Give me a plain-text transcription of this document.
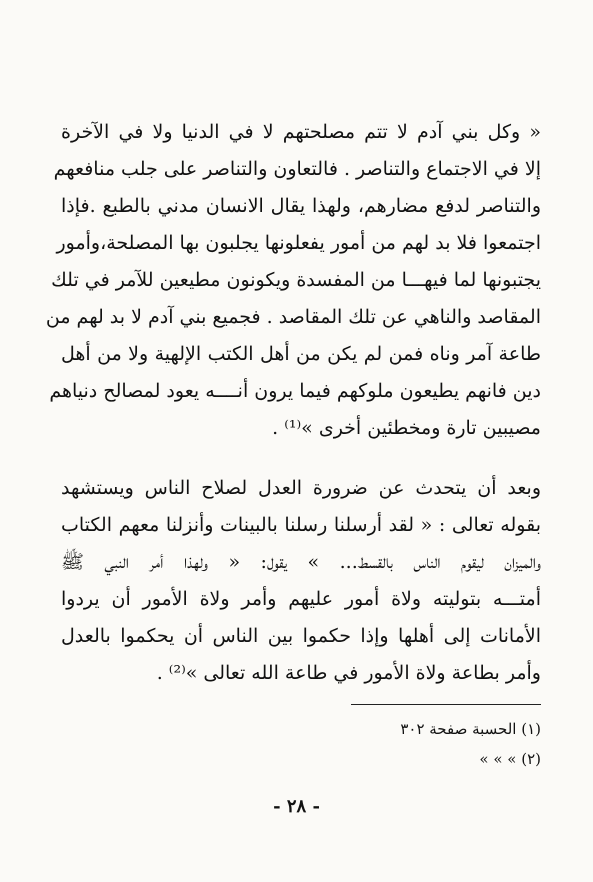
« وكل بني آدم لا تتم مصلحتهم لا في الدنيا ولا في الآخرة
إلا في الاجتماع والتناصر . فالتعاون والتناصر على جلب منافعهم
والتناصر لدفع مضارهم، ولهذا يقال الانسان مدني بالطبع .فإذا
اجتمعوا فلا بد لهم من أمور يفعلونها يجلبون بها المصلحة،وأمور
يجتبونها لما فيهـــا من المفسدة ويكونون مطيعين للآمر في تلك
المقاصد والناهي عن تلك المقاصد . فجميع بني آدم لا بد لهم من
طاعة آمر وناه فمن لم يكن من أهل الكتب الإلهية ولا من أهل
دين فانهم يطيعون ملوكهم فيما يرون أنــــه يعود لمصالح دنياهم
مصيبين تارة ومخطئين أخرى »⁽¹⁾ .
وبعد أن يتحدث عن ضرورة العدل لصلاح الناس ويستشهد
بقوله تعالى : « لقد أرسلنا رسلنا بالبينات وأنزلنا معهم الكتاب
والميزان ليقوم الناس بالقسط... » يقول: « ولهذا أمر النبي ﷺ
أمتـــه بتوليته ولاة أمور عليهم وأمر ولاة الأمور أن يردوا
الأمانات إلى أهلها وإذا حكموا بين الناس أن يحكموا بالعدل
وأمر بطاعة ولاة الأمور في طاعة الله تعالى »⁽²⁾ .
(١) الحسبة صفحة ٣٠٢
(٢) » » »
- ٢٨ -
